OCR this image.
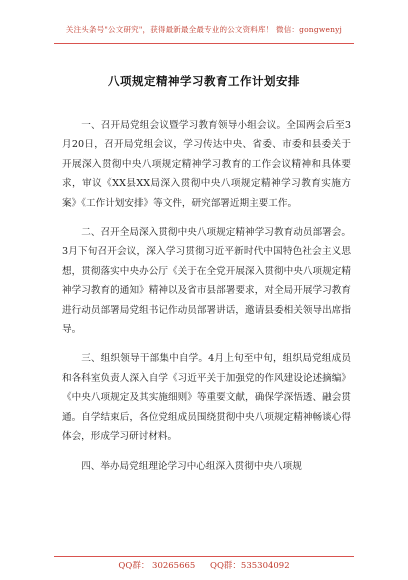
关注头条号"公文研究"，获得最新最全最专业的公文资料库！ 微信：gongwenyj
八项规定精神学习教育工作计划安排

一、召开局党组会议暨学习教育领导小组会议。全国两会后至3月20日，召开局党组会议，学习传达中央、省委、市委和县委关于开展深入贯彻中央八项规定精神学习教育的工作会议精神和具体要求，审议《XX县XX局深入贯彻中央八项规定精神学习教育实施方案》《工作计划安排》等文件，研究部署近期主要工作。

二、召开全局深入贯彻中央八项规定精神学习教育动员部署会。3月下旬召开会议，深入学习贯彻习近平新时代中国特色社会主义思想，贯彻落实中央办公厅《关于在全党开展深入贯彻中央八项规定精神学习教育的通知》精神以及省市县部署要求，对全局开展学习教育进行动员部署局党组书记作动员部署讲话，邀请县委相关领导出席指导。

三、组织领导干部集中自学。4月上旬至中旬，组织局党组成员和各科室负责人深入自学《习近平关于加强党的作风建设论述摘编》《中央八项规定及其实施细则》等重要文献，确保学深悟透、融会贯通。自学结束后，各位党组成员围绕贯彻中央八项规定精神畅谈心得体会，形成学习研讨材料。

四、举办局党组理论学习中心组深入贯彻中央八项规

QQ群： 30265665 QQ群：535304092
